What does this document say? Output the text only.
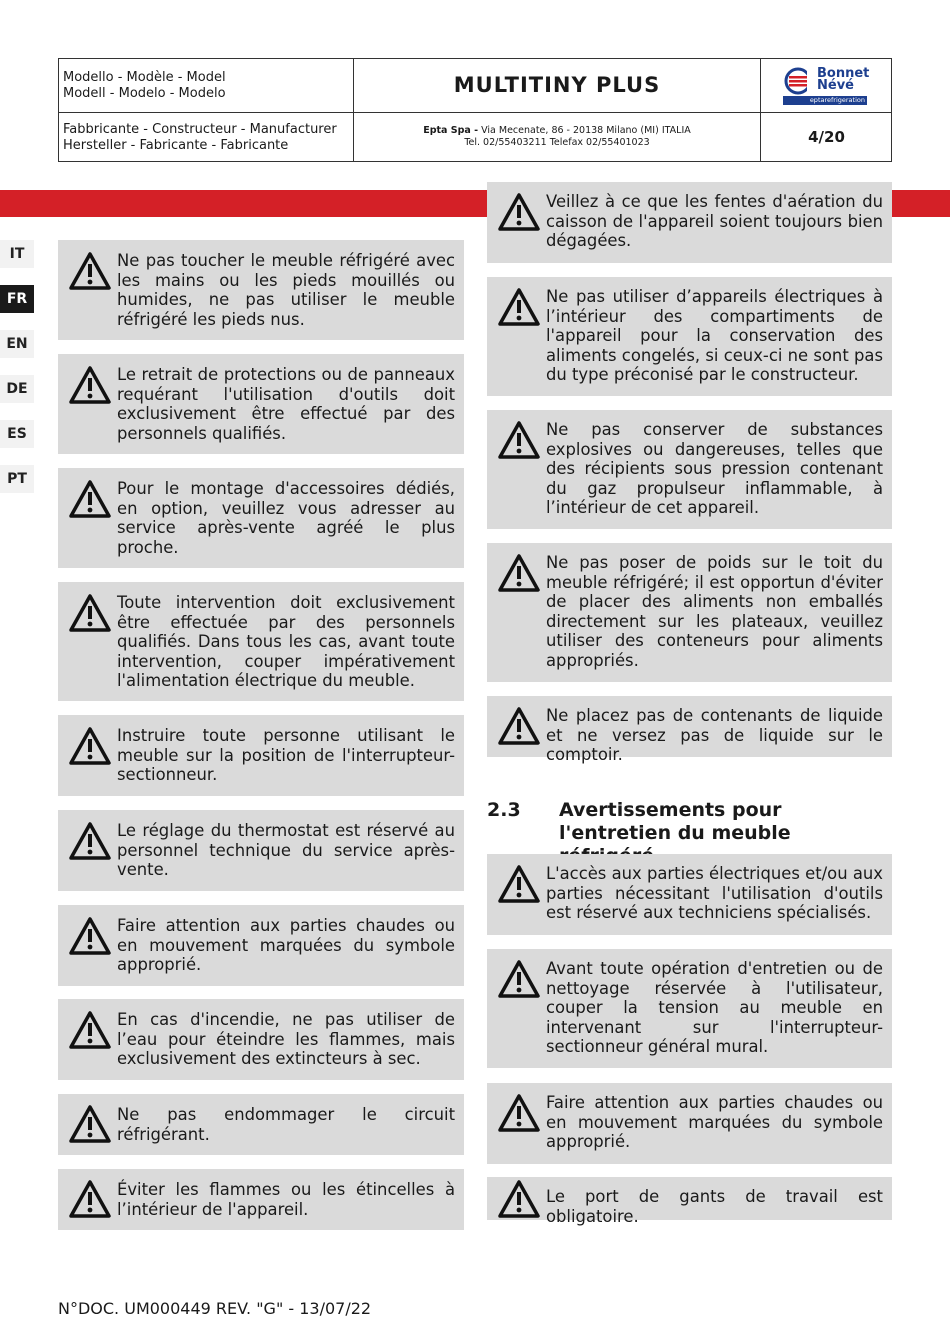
Modello - Modèle - Model
Modell - Modelo - Modelo	MULTITINY PLUS	Bonnet
Névé
eptarefrigeration
Fabbricante - Constructeur - Manufacturer
Hersteller - Fabricante - Fabricante
Epta Spa - Via Mecenate, 86 - 20138 Milano (MI) ITALIA
Tel. 02/55403211 Telefax 02/55401023	4/20
IT
FR
EN
DE
ES
PT
Ne pas toucher le meuble réfrigéré avec les mains ou les pieds mouillés ou humides, ne pas utiliser le meuble réfrigéré les pieds nus.
Le retrait de protections ou de panneaux requérant l'utilisation d'outils doit exclusivement être effectué par des personnels qualifiés.
Pour le montage d'accessoires dédiés, en option, veuillez vous adresser au service après-vente agréé le plus proche.
Toute intervention doit exclusivement être effectuée par des personnels qualifiés. Dans tous les cas, avant toute intervention, couper impérativement l'alimentation électrique du meuble.
Instruire toute personne utilisant le meuble sur la position de l'interrupteur-sectionneur.
Le réglage du thermostat est réservé au personnel technique du service après-vente.
Faire attention aux parties chaudes ou en mouvement marquées du symbole approprié.
En cas d'incendie, ne pas utiliser de l’eau pour éteindre les flammes, mais exclusivement des extincteurs à sec.
Ne pas endommager le circuit réfrigérant.
Éviter les flammes ou les étincelles à l’intérieur de l'appareil.
Veillez à ce que les fentes d'aération du caisson de l'appareil soient toujours bien dégagées.
Ne pas utiliser d’appareils électriques à l’intérieur des compartiments de l'appareil pour la conservation des aliments congelés, si ceux-ci ne sont pas du type préconisé par le constructeur.
Ne pas conserver de substances explosives ou dangereuses, telles que des récipients sous pression contenant du gaz propulseur inflammable, à l’intérieur de cet appareil.
Ne pas poser de poids sur le toit du meuble réfrigéré; il est opportun d'éviter de placer des aliments non emballés directement sur les plateaux, veuillez utiliser des conteneurs pour aliments appropriés.
Ne placez pas de contenants de liquide et ne versez pas de liquide sur le comptoir.
2.3 Avertissements pour l'entretien du meuble
L'accès aux parties électriques et/ou aux parties nécessitant l'utilisation d'outils est réservé aux techniciens spécialisés.
Avant toute opération d'entretien ou de nettoyage réservée à l'utilisateur, couper la tension au meuble en intervenant sur l'interrupteur-sectionneur général mural.
Faire attention aux parties chaudes ou en mouvement marquées du symbole approprié.
Le port de gants de travail est obligatoire.
N°DOC. UM000449 REV. "G" - 13/07/22
